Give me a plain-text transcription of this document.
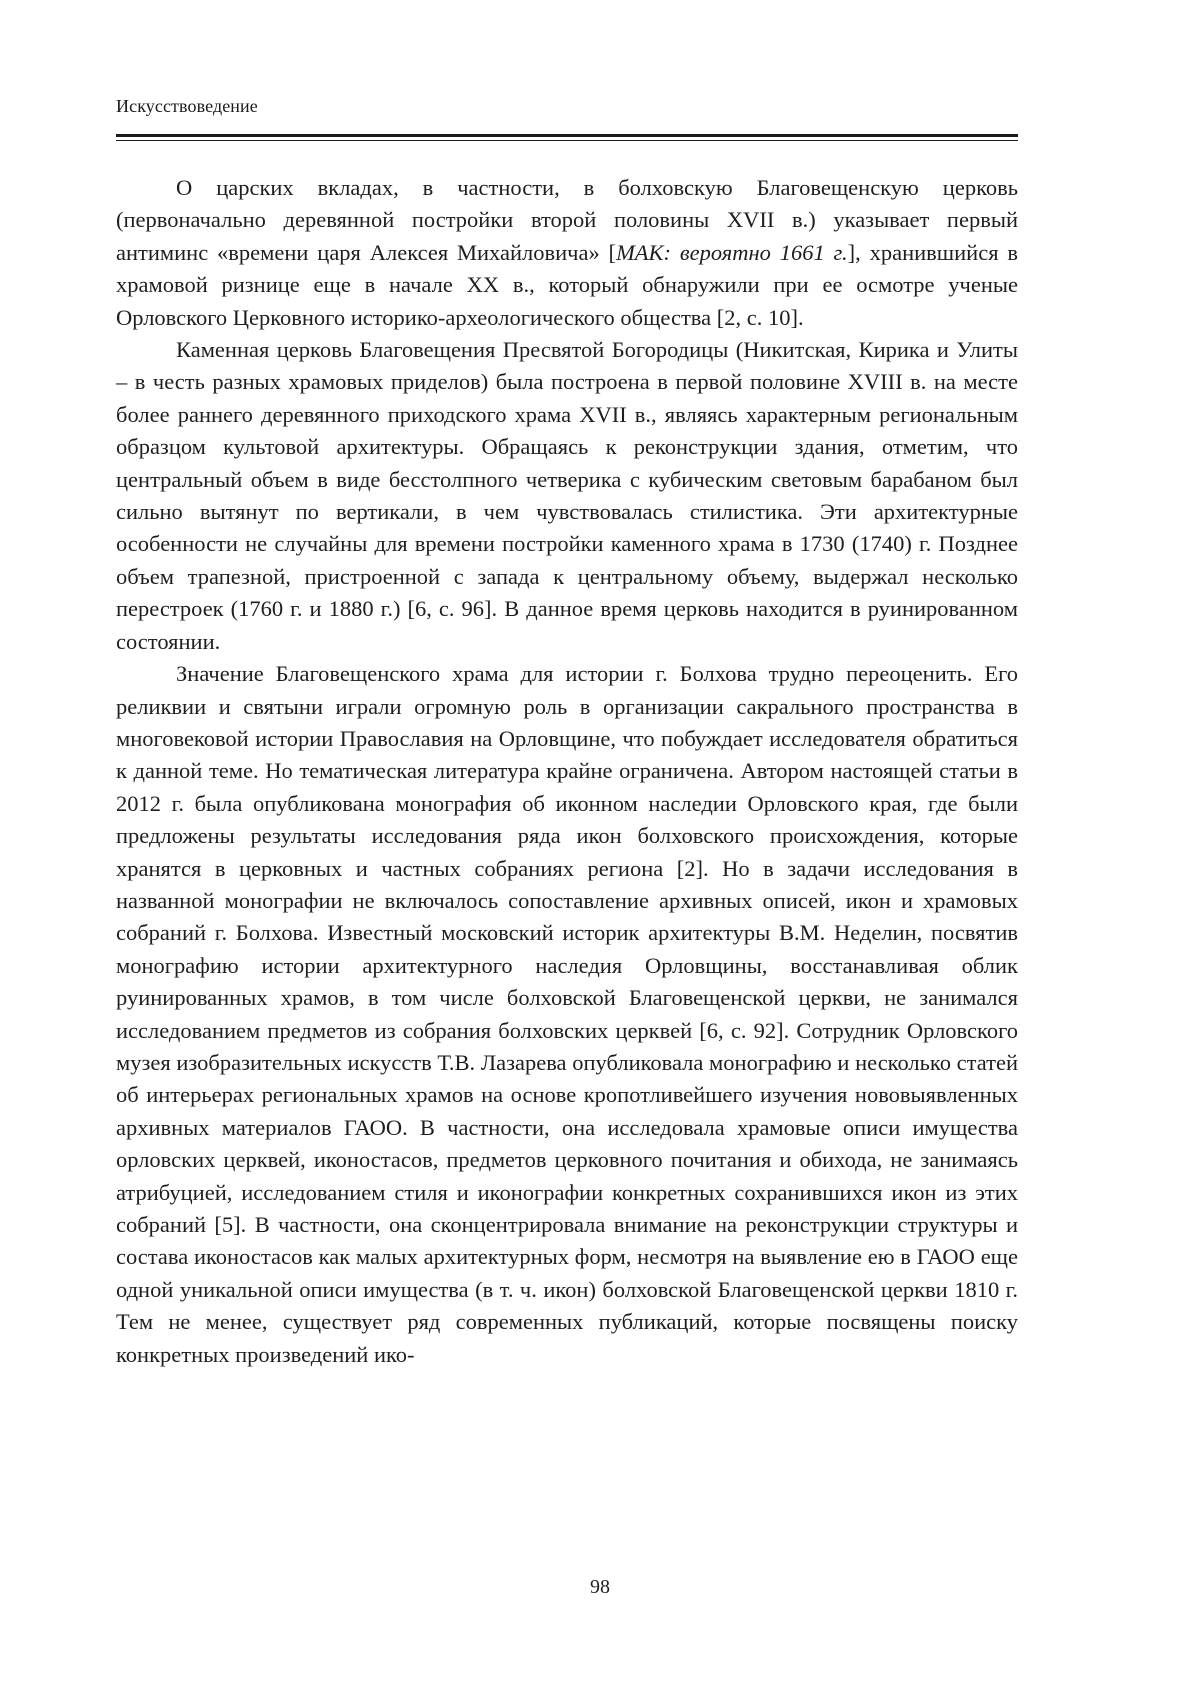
Искусствоведение

О царских вкладах, в частности, в болховскую Благовещенскую церковь (первоначально деревянной постройки второй половины XVII в.) указывает первый антиминс «времени царя Алексея Михайловича» [МАК: вероятно 1661 г.], хранившийся в храмовой ризнице еще в начале XX в., который обнаружили при ее осмотре ученые Орловского Церковного историко-археологического общества [2, с. 10].

Каменная церковь Благовещения Пресвятой Богородицы (Никитская, Кирика и Улиты – в честь разных храмовых приделов) была построена в первой половине XVIII в. на месте более раннего деревянного приходского храма XVII в., являясь характерным региональным образцом культовой архитектуры. Обращаясь к реконструкции здания, отметим, что центральный объем в виде бесстолпного четверика с кубическим световым барабаном был сильно вытянут по вертикали, в чем чувствовалась стилистика. Эти архитектурные особенности не случайны для времени постройки каменного храма в 1730 (1740) г. Позднее объем трапезной, пристроенной с запада к центральному объему, выдержал несколько перестроек (1760 г. и 1880 г.) [6, с. 96]. В данное время церковь находится в руинированном состоянии.

Значение Благовещенского храма для истории г. Болхова трудно переоценить. Его реликвии и святыни играли огромную роль в организации сакрального пространства в многовековой истории Православия на Орловщине, что побуждает исследователя обратиться к данной теме. Но тематическая литература крайне ограничена. Автором настоящей статьи в 2012 г. была опубликована монография об иконном наследии Орловского края, где были предложены результаты исследования ряда икон болховского происхождения, которые хранятся в церковных и частных собраниях региона [2]. Но в задачи исследования в названной монографии не включалось сопоставление архивных описей, икон и храмовых собраний г. Болхова. Известный московский историк архитектуры В.М. Неделин, посвятив монографию истории архитектурного наследия Орловщины, восстанавливая облик руинированных храмов, в том числе болховской Благовещенской церкви, не занимался исследованием предметов из собрания болховских церквей [6, с. 92]. Сотрудник Орловского музея изобразительных искусств Т.В. Лазарева опубликовала монографию и несколько статей об интерьерах региональных храмов на основе кропотливейшего изучения нововыявленных архивных материалов ГАОО. В частности, она исследовала храмовые описи имущества орловских церквей, иконостасов, предметов церковного почитания и обихода, не занимаясь атрибуцией, исследованием стиля и иконографии конкретных сохранившихся икон из этих собраний [5]. В частности, она сконцентрировала внимание на реконструкции структуры и состава иконостасов как малых архитектурных форм, несмотря на выявление ею в ГАОО еще одной уникальной описи имущества (в т. ч. икон) болховской Благовещенской церкви 1810 г. Тем не менее, существует ряд современных публикаций, которые посвящены поиску конкретных произведений ико-

98
